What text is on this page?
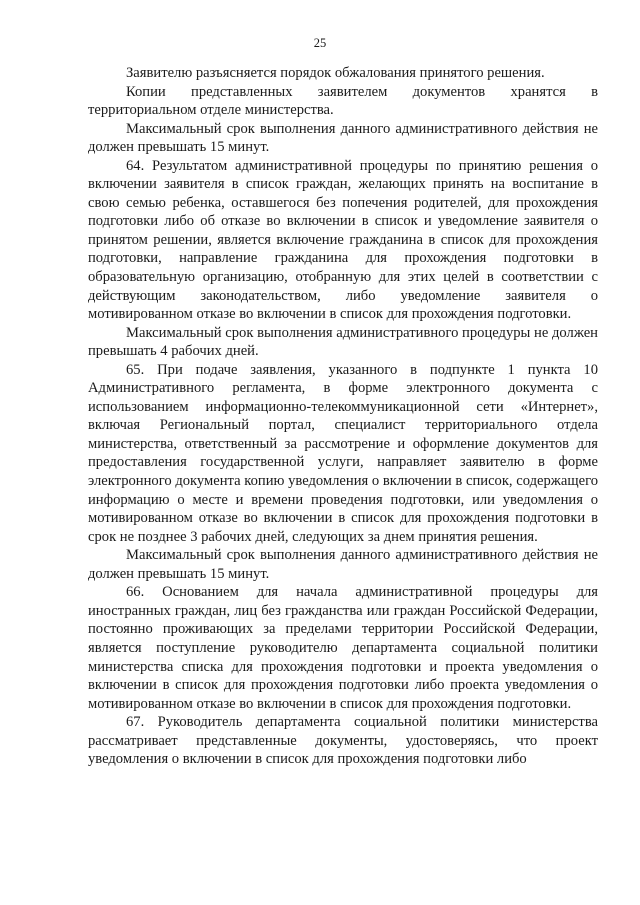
25

Заявителю разъясняется порядок обжалования принятого решения.

Копии представленных заявителем документов хранятся в территориальном отделе министерства.

Максимальный срок выполнения данного административного действия не должен превышать 15 минут.

64. Результатом административной процедуры по принятию решения о включении заявителя в список граждан, желающих принять на воспитание в свою семью ребенка, оставшегося без попечения родителей, для прохождения подготовки либо об отказе во включении в список и уведомление заявителя о принятом решении, является включение гражданина в список для прохождения подготовки, направление гражданина для прохождения подготовки в образовательную организацию, отобранную для этих целей в соответствии с действующим законодательством, либо уведомление заявителя о мотивированном отказе во включении в список для прохождения подготовки.

Максимальный срок выполнения административного процедуры не должен превышать 4 рабочих дней.

65. При подаче заявления, указанного в подпункте 1 пункта 10 Административного регламента, в форме электронного документа с использованием информационно-телекоммуникационной сети «Интернет», включая Региональный портал, специалист территориального отдела министерства, ответственный за рассмотрение и оформление документов для предоставления государственной услуги, направляет заявителю в форме электронного документа копию уведомления о включении в список, содержащего информацию о месте и времени проведения подготовки, или уведомления о мотивированном отказе во включении в список для прохождения подготовки в срок не позднее 3 рабочих дней, следующих за днем принятия решения.

Максимальный срок выполнения данного административного действия не должен превышать 15 минут.

66. Основанием для начала административной процедуры для иностранных граждан, лиц без гражданства или граждан Российской Федерации, постоянно проживающих за пределами территории Российской Федерации, является поступление руководителю департамента социальной политики министерства списка для прохождения подготовки и проекта уведомления о включении в список для прохождения подготовки либо проекта уведомления о мотивированном отказе во включении в список для прохождения подготовки.

67. Руководитель департамента социальной политики министерства рассматривает представленные документы, удостоверяясь, что проект уведомления о включении в список для прохождения подготовки либо
